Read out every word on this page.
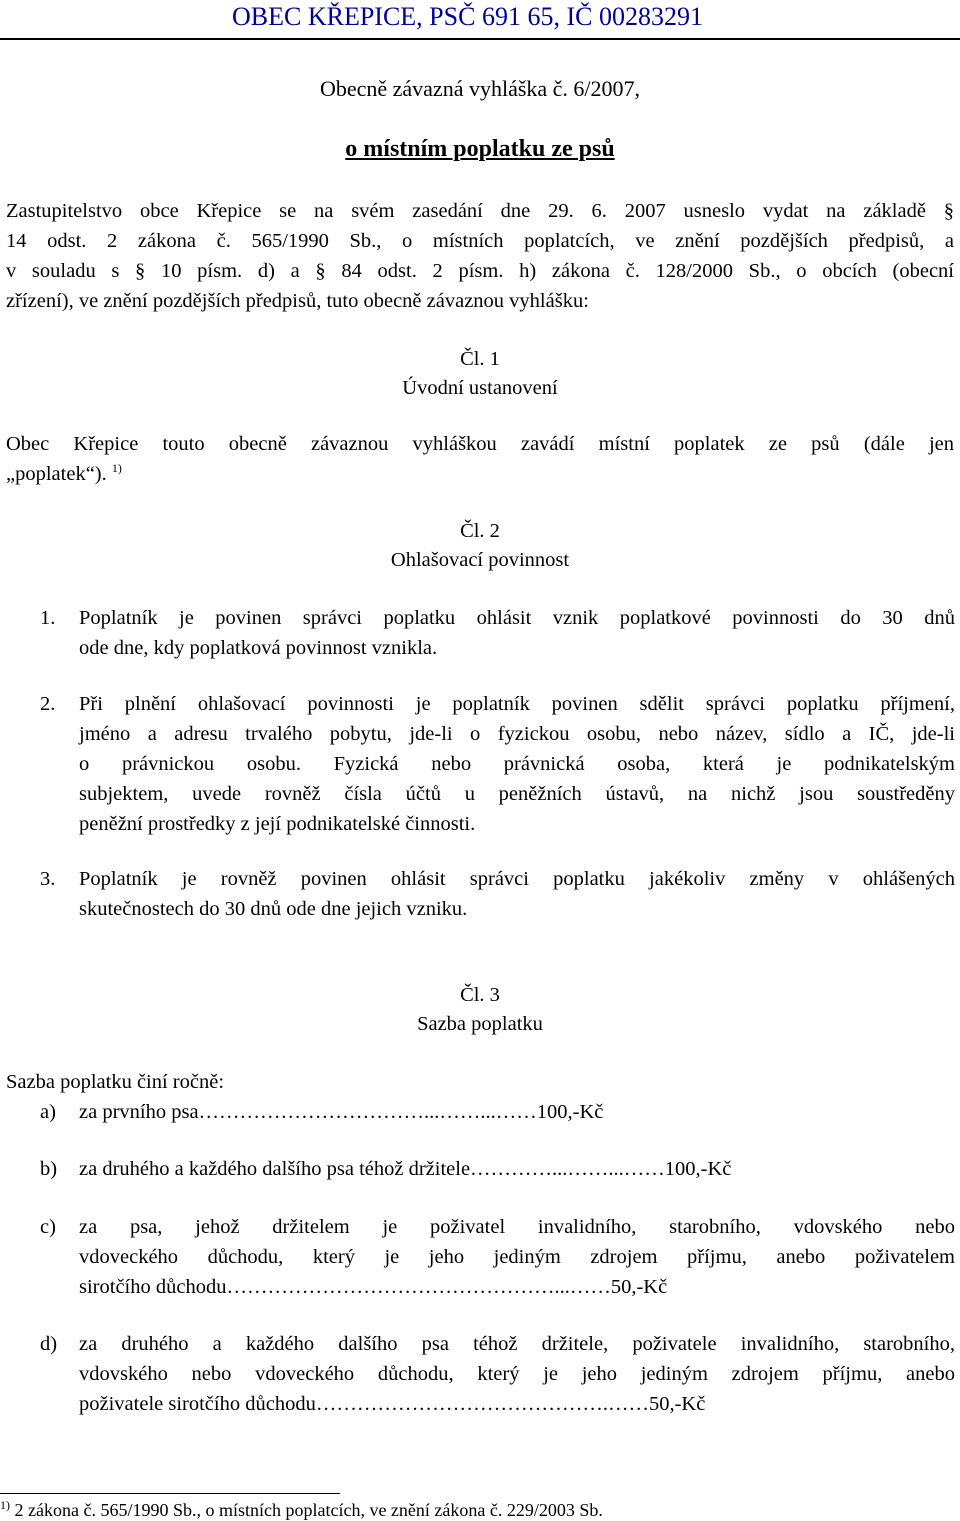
OBEC KŘEPICE, PSČ 691 65, IČ 00283291
Obecně závazná vyhláška č. 6/2007,
o místním poplatku ze psů
Zastupitelstvo obce Křepice se na svém zasedání dne 29. 6. 2007 usneslo vydat na základě §
14 odst. 2 zákona č. 565/1990 Sb., o místních poplatcích, ve znění pozdějších předpisů, a
v souladu s § 10 písm. d) a § 84 odst. 2 písm. h) zákona č. 128/2000 Sb., o obcích (obecní
zřízení), ve znění pozdějších předpisů, tuto obecně závaznou vyhlášku:
Čl. 1
Úvodní ustanovení
Obec Křepice touto obecně závaznou vyhláškou zavádí místní poplatek ze psů (dále jen
„poplatek“). $^{1)}$
Čl. 2
Ohlašovací povinnost
1. Poplatník je povinen správci poplatku ohlásit vznik poplatkové povinnosti do 30 dnů
ode dne, kdy poplatková povinnost vznikla.
2. Při plnění ohlašovací povinnosti je poplatník povinen sdělit správci poplatku příjmení,
jméno a adresu trvalého pobytu, jde-li o fyzickou osobu, nebo název, sídlo a IČ, jde-li
o právnickou osobu. Fyzická nebo právnická osoba, která je podnikatelským
subjektem, uvede rovněž čísla účtů u peněžních ústavů, na nichž jsou soustředěny
peněžní prostředky z její podnikatelské činnosti.
3. Poplatník je rovněž povinen ohlásit správci poplatku jakékoliv změny v ohlášených
skutečnostech do 30 dnů ode dne jejich vzniku.
Čl. 3
Sazba poplatku
Sazba poplatku činí ročně:
a) za prvního psa……………………………...……...……100,-Kč
b) za druhého a každého dalšího psa téhož držitele…………...……...……100,-Kč
c) za psa, jehož držitelem je poživatel invalidního, starobního, vdovského nebo
vdoveckého důchodu, který je jeho jediným zdrojem příjmu, anebo poživatelem
sirotčího důchodu…………………………………………...……50,-Kč
d) za druhého a každého dalšího psa téhož držitele, poživatele invalidního, starobního,
vdovského nebo vdoveckého důchodu, který je jeho jediným zdrojem příjmu, anebo
poživatele sirotčího důchodu…………………………………….……50,-Kč
$^{1)}$ 2 zákona č. 565/1990 Sb., o místních poplatcích, ve znění zákona č. 229/2003 Sb.
